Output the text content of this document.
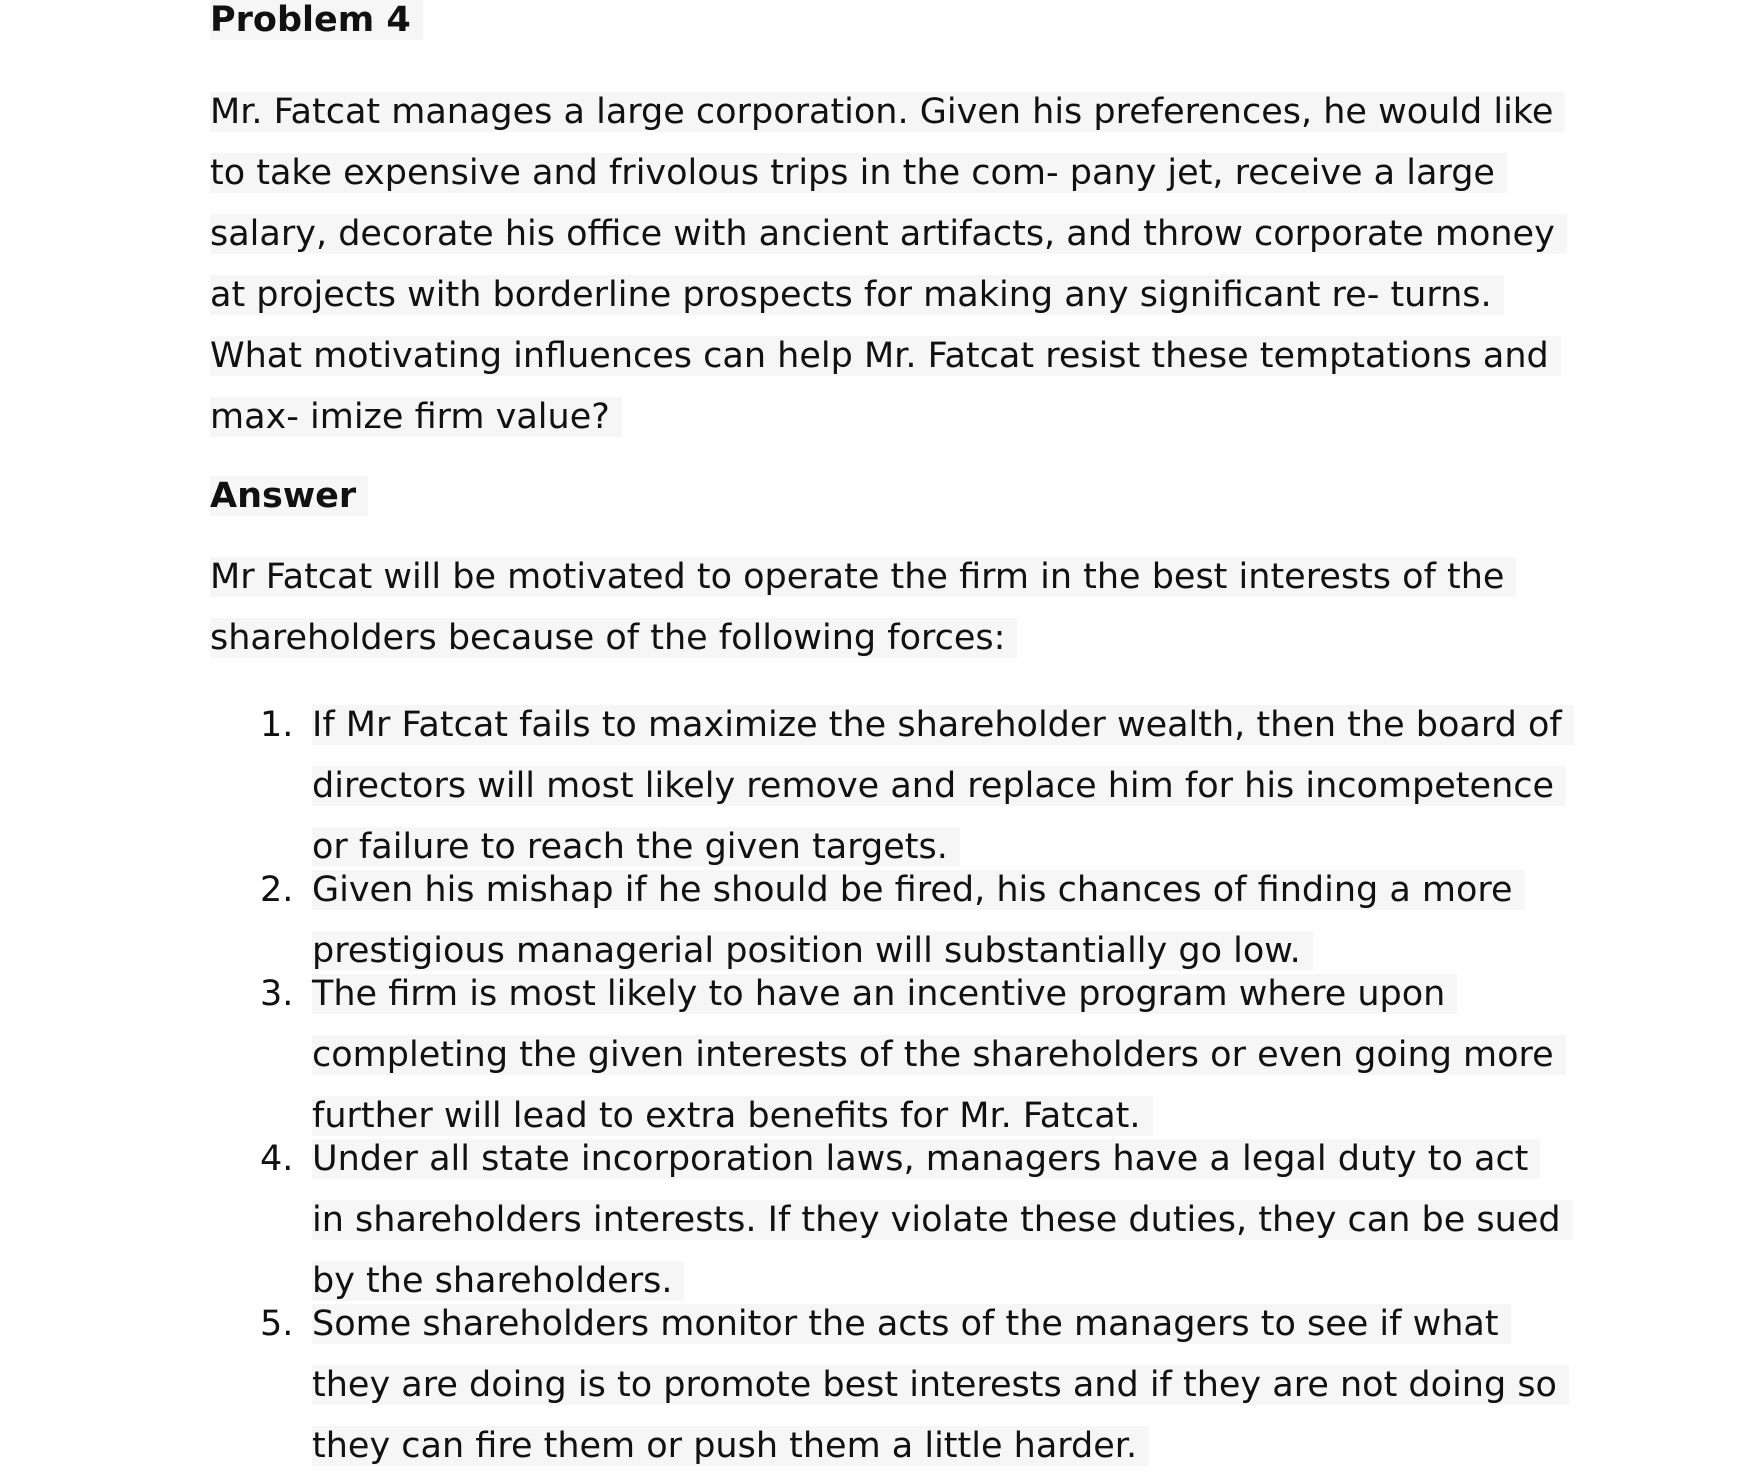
Problem 4

Mr. Fatcat manages a large corporation. Given his preferences, he would like to take expensive and frivolous trips in the com- pany jet, receive a large salary, decorate his office with ancient artifacts, and throw corporate money at projects with borderline prospects for making any significant re- turns. What motivating influences can help Mr. Fatcat resist these temptations and max- imize firm value?

Answer

Mr Fatcat will be motivated to operate the firm in the best interests of the shareholders because of the following forces:

1. If Mr Fatcat fails to maximize the shareholder wealth, then the board of directors will most likely remove and replace him for his incompetence or failure to reach the given targets.
2. Given his mishap if he should be fired, his chances of finding a more prestigious managerial position will substantially go low.
3. The firm is most likely to have an incentive program where upon completing the given interests of the shareholders or even going more further will lead to extra benefits for Mr. Fatcat.
4. Under all state incorporation laws, managers have a legal duty to act in shareholders interests. If they violate these duties, they can be sued by the shareholders.
5. Some shareholders monitor the acts of the managers to see if what they are doing is to promote best interests and if they are not doing so they can fire them or push them a little harder.
